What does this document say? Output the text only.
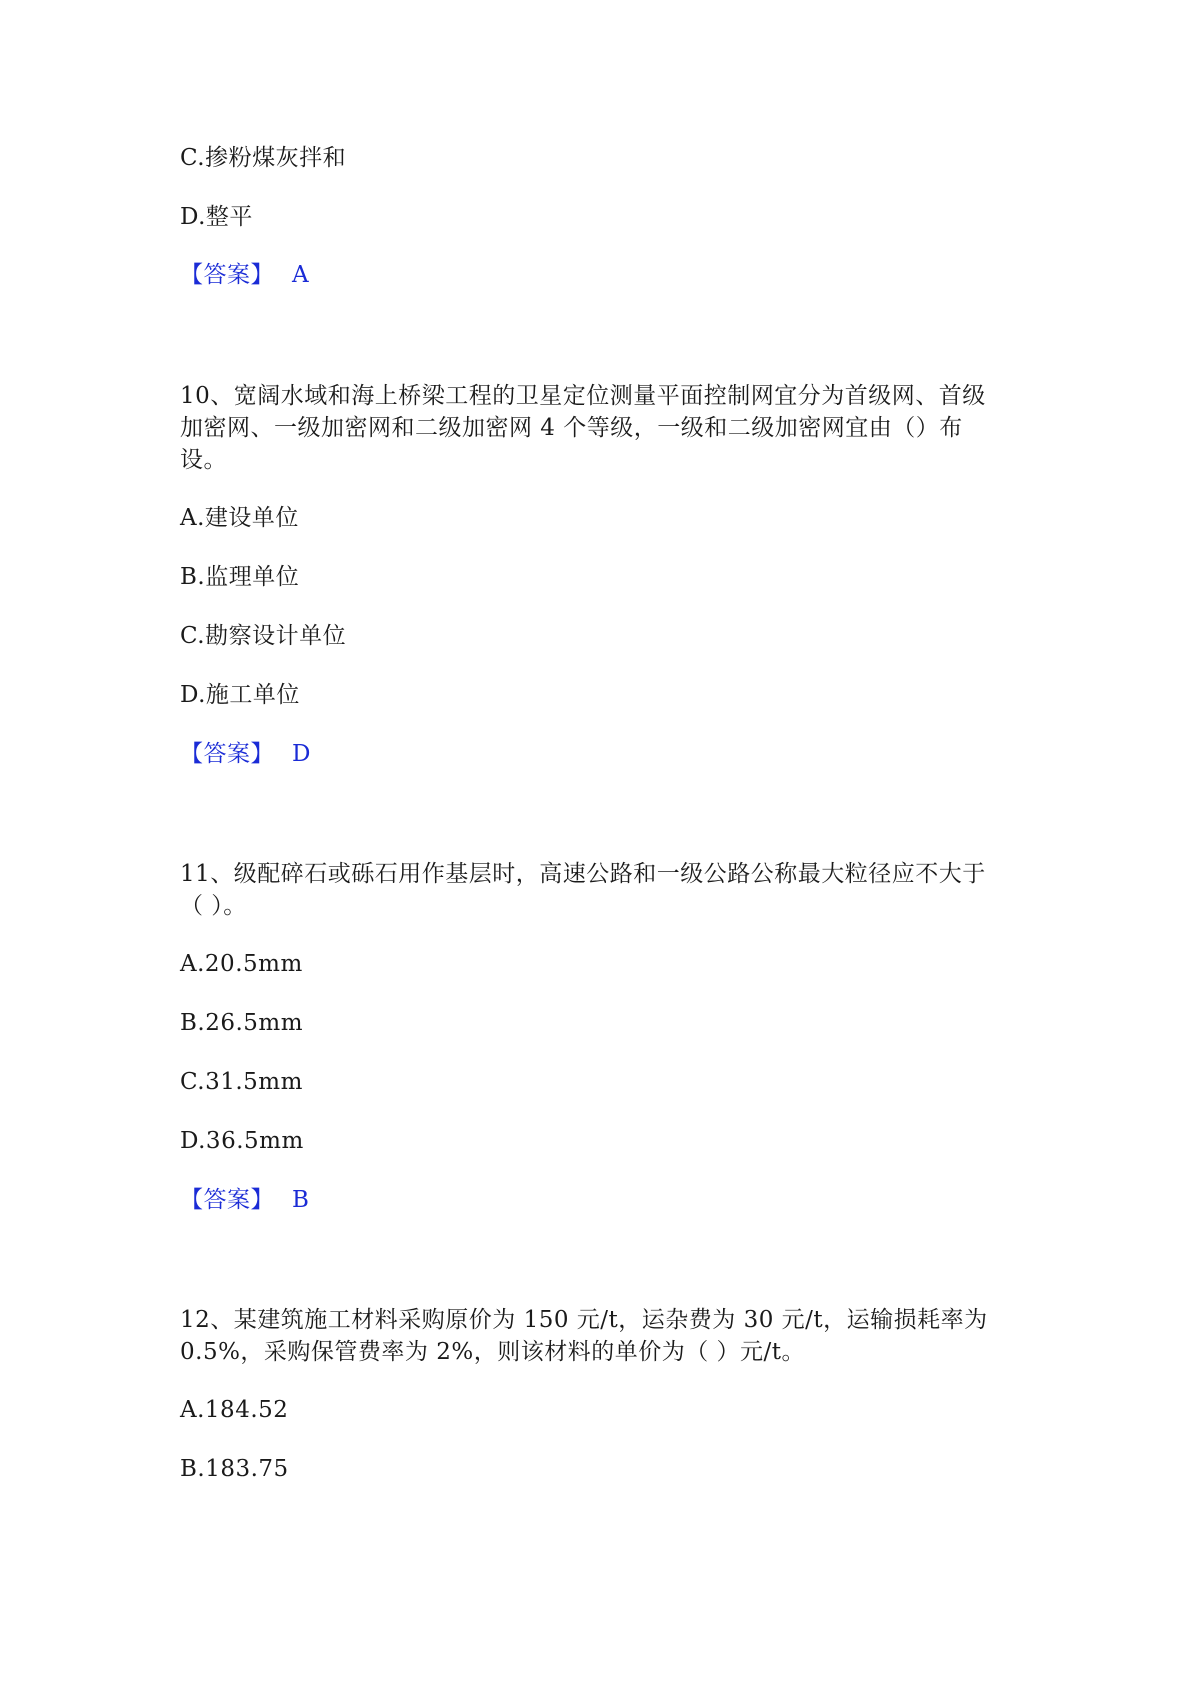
C.掺粉煤灰拌和
D.整平
【答案】 A
10、宽阔水域和海上桥梁工程的卫星定位测量平面控制网宜分为首级网、首级
加密网、一级加密网和二级加密网 4 个等级，一级和二级加密网宜由（）布
设。
A.建设单位
B.监理单位
C.勘察设计单位
D.施工单位
【答案】 D
11、级配碎石或砾石用作基层时，高速公路和一级公路公称最大粒径应不大于
（ ）。
A.20.5mm
B.26.5mm
C.31.5mm
D.36.5mm
【答案】 B
12、某建筑施工材料采购原价为 150 元/t，运杂费为 30 元/t，运输损耗率为
0.5%，采购保管费率为 2%，则该材料的单价为（ ）元/t。
A.184.52
B.183.75
